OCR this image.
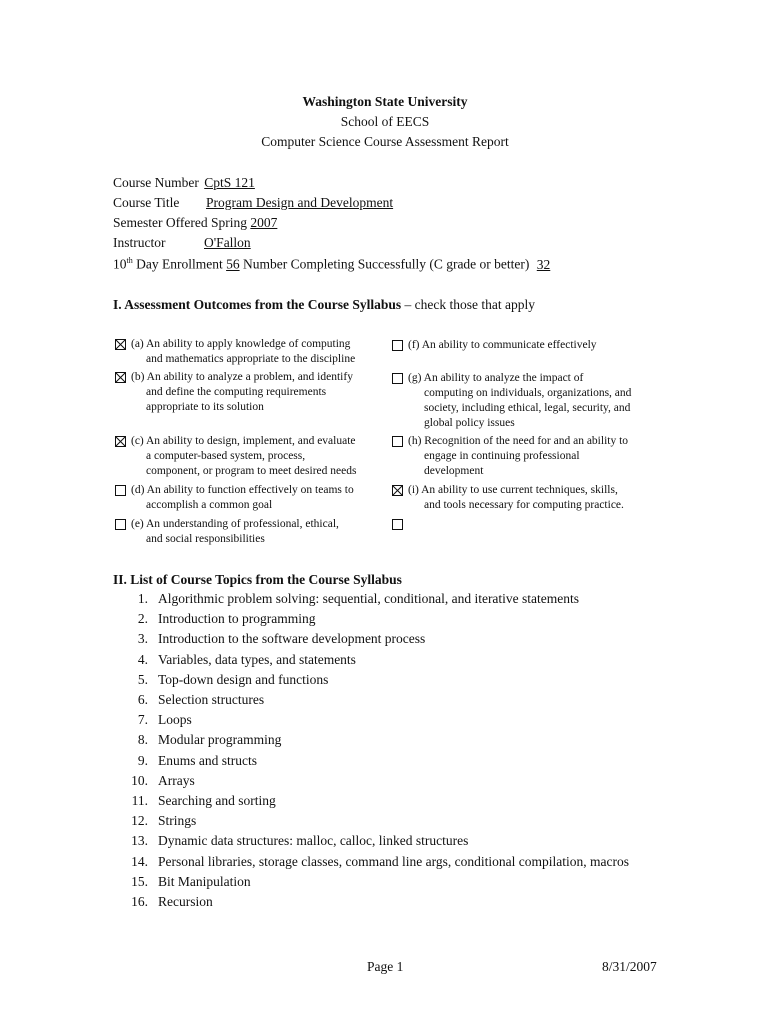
Washington State University
School of EECS
Computer Science Course Assessment Report
Course Number CptS 121
Course Title Program Design and Development
Semester Offered Spring 2007
Instructor	O'Fallon
10th Day Enrollment 56 Number Completing Successfully (C grade or better) 32
I. Assessment Outcomes from the Course Syllabus – check those that apply
(a) An ability to apply knowledge of computing
and mathematics appropriate to the discipline
(b) An ability to analyze a problem, and identify
and define the computing requirements
appropriate to its solution
(c) An ability to design, implement, and evaluate
a computer-based system, process,
component, or program to meet desired needs
(d) An ability to function effectively on teams to
accomplish a common goal
(e) An understanding of professional, ethical,
and social responsibilities
(f) An ability to communicate effectively
(g) An ability to analyze the impact of
computing on individuals, organizations, and
society, including ethical, legal, security, and
global policy issues
(h) Recognition of the need for and an ability to
engage in continuing professional
development
(i) An ability to use current techniques, skills,
and tools necessary for computing practice.
II. List of Course Topics from the Course Syllabus
1. Algorithmic problem solving: sequential, conditional, and iterative statements
2. Introduction to programming
3. Introduction to the software development process
4. Variables, data types, and statements
5. Top-down design and functions
6. Selection structures
7. Loops
8. Modular programming
9. Enums and structs
10. Arrays
11. Searching and sorting
12. Strings
13. Dynamic data structures: malloc, calloc, linked structures
14. Personal libraries, storage classes, command line args, conditional compilation, macros
15. Bit Manipulation
16. Recursion
Page 1	8/31/2007
